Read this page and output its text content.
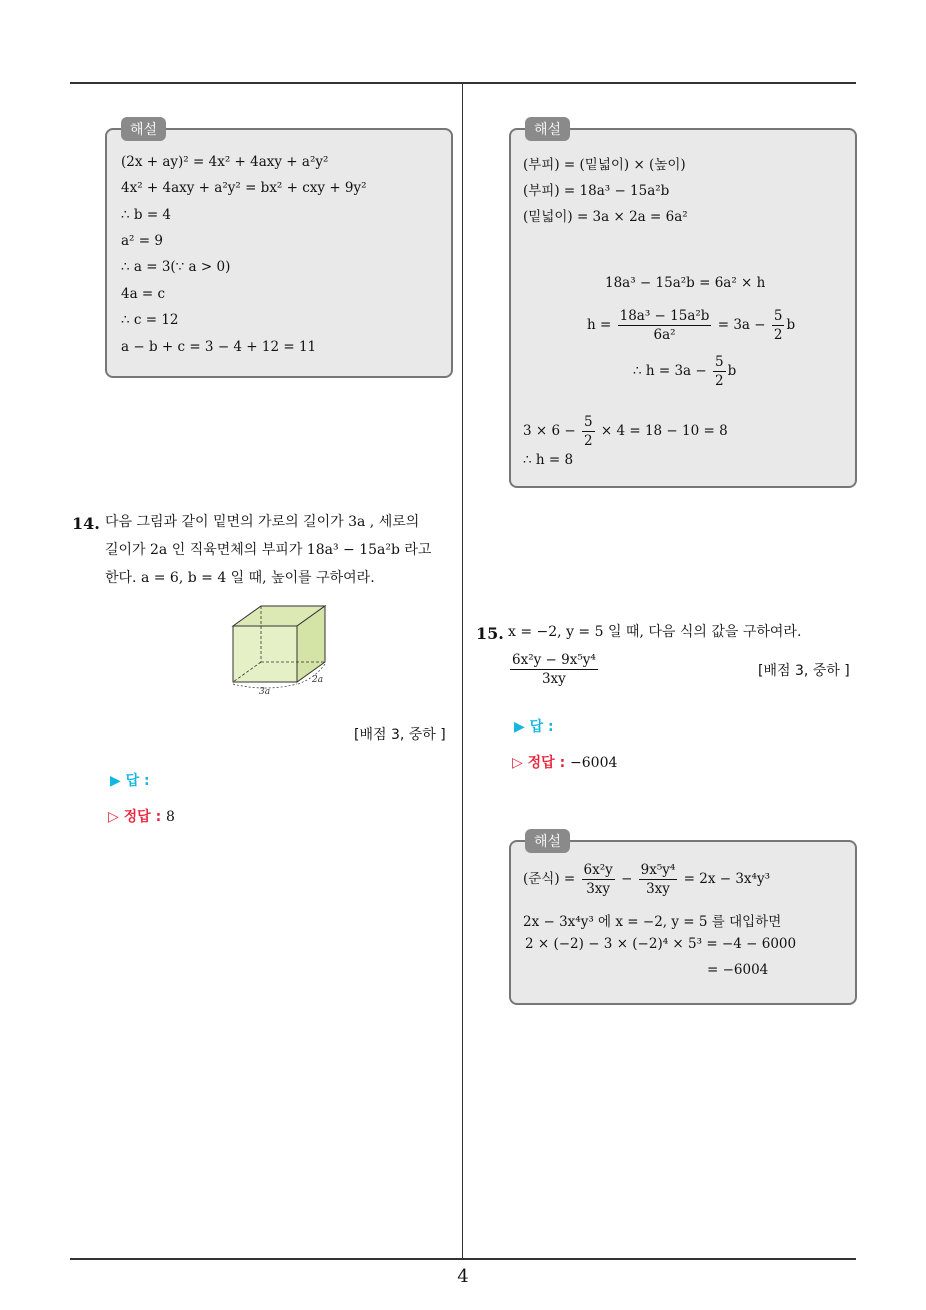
해설
(2x + ay)² = 4x² + 4axy + a²y²
4x² + 4axy + a²y² = bx² + cxy + 9y²
∴ b = 4
a² = 9
∴ a = 3(∵ a > 0)
4a = c
∴ c = 12
a − b + c = 3 − 4 + 12 = 11
14. 다음 그림과 같이 밑면의 가로의 길이가 3a , 세로의
길이가 2a 인 직육면체의 부피가 18a³ − 15a²b 라고
한다. a = 6, b = 4 일 때, 높이를 구하여라.
3a
2a
[배점 3, 중하 ]
▶ 답 :
▷ 정답 : 8
해설
(부피) = (밑넓이) × (높이)
(부피) = 18a³ − 15a²b
(밑넓이) = 3a × 2a = 6a²
18a³ − 15a²b = 6a² × h
$h = \frac{\text{18a³ − 15a²b}}{\text{6a²}} = 3a - \frac{5}{2}$ b
∴ $h = 3a - \frac{5}{2}$ b
$3 \times 6 - \frac{5}{2} \times 4 = 18 - 10 = 8$
∴ h = 8
15. x = −2, y = 5 일 때, 다음 식의 값을 구하여라.
$\frac{\text{6x²y − 9x⁵y⁴}}{3xy}$	[배점 3, 중하 ]
▶ 답 :
▷ 정답 : −6004
해설
(준식) = $\frac{\text{6x²y}}{3xy} - \frac{\text{9x⁵y⁴}}{3xy} = 2x - 3x^4y^3$
2x − 3x⁴y³ 에 x = −2, y = 5 를 대입하면
2 × (−2) − 3 × (−2)⁴ × 5³ = −4 − 6000
= −6004
4
